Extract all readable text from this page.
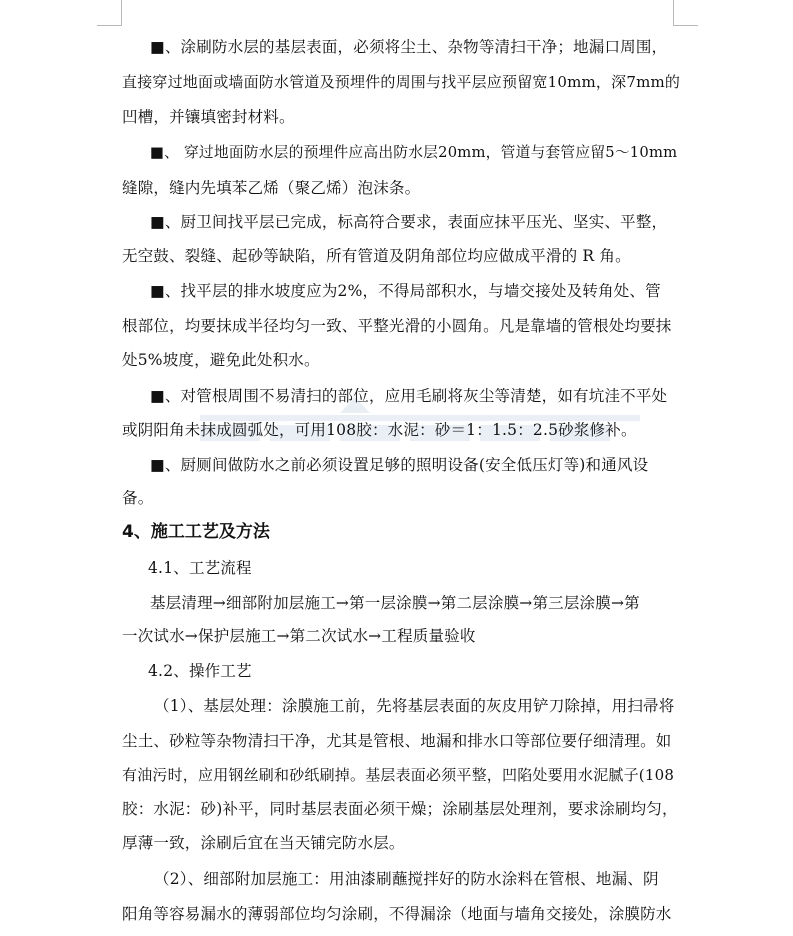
■、涂刷防水层的基层表面，必须将尘土、杂物等清扫干净；地漏口周围，
直接穿过地面或墙面防水管道及预埋件的周围与找平层应预留宽10mm，深7mm的
凹槽，并镶填密封材料。
■、 穿过地面防水层的预埋件应高出防水层20mm，管道与套管应留5～10mm
缝隙，缝内先填苯乙烯（聚乙烯）泡沫条。
■、厨卫间找平层已完成，标高符合要求，表面应抹平压光、坚实、平整，
无空鼓、裂缝、起砂等缺陷，所有管道及阴角部位均应做成平滑的 R 角。
■、找平层的排水坡度应为2%，不得局部积水，与墙交接处及转角处、管
根部位，均要抹成半径均匀一致、平整光滑的小圆角。凡是靠墙的管根处均要抹
处5%坡度，避免此处积水。
■、对管根周围不易清扫的部位，应用毛刷将灰尘等清楚，如有坑洼不平处
或阴阳角未抹成圆弧处，可用108胶：水泥：砂＝1：1.5：2.5砂浆修补。
■、厨厕间做防水之前必须设置足够的照明设备(安全低压灯等)和通风设
备。
4、施工工艺及方法
4.1、工艺流程
基层清理→细部附加层施工→第一层涂膜→第二层涂膜→第三层涂膜→第
一次试水→保护层施工→第二次试水→工程质量验收
4.2、操作工艺
（1）、基层处理：涂膜施工前，先将基层表面的灰皮用铲刀除掉，用扫帚将
尘土、砂粒等杂物清扫干净，尤其是管根、地漏和排水口等部位要仔细清理。如
有油污时，应用钢丝刷和砂纸刷掉。基层表面必须平整，凹陷处要用水泥腻子(108
胶：水泥：砂)补平，同时基层表面必须干燥；涂刷基层处理剂，要求涂刷均匀，
厚薄一致，涂刷后宜在当天铺完防水层。
（2）、细部附加层施工：用油漆刷蘸搅拌好的防水涂料在管根、地漏、阴
阳角等容易漏水的薄弱部位均匀涂刷，不得漏涂（地面与墙角交接处，涂膜防水
